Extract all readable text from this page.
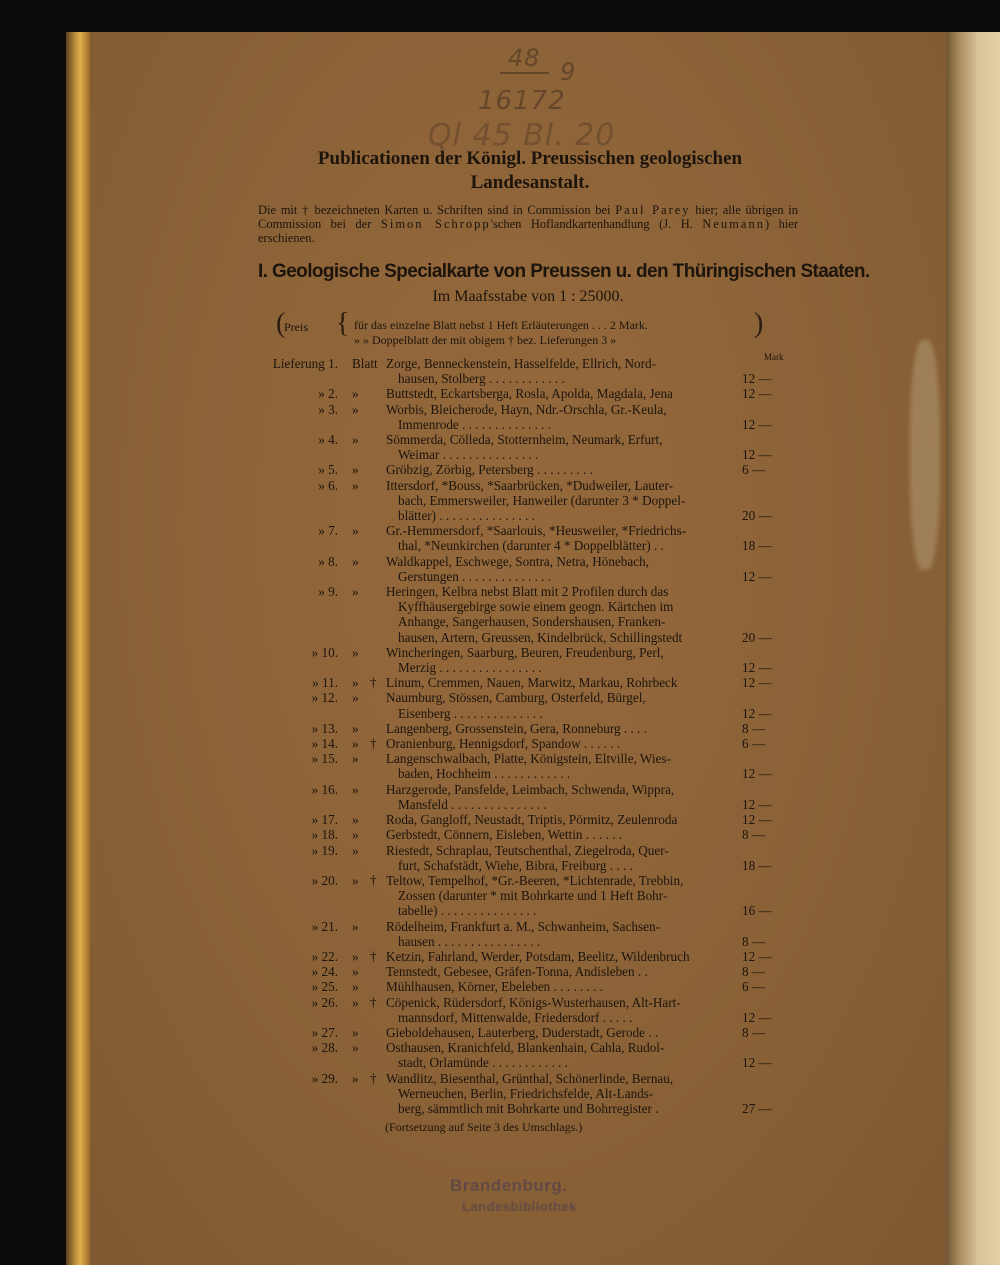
48 9
16172
Ql 45 Bl. 20
Publicationen der Königl. Preussischen geologischen
Landesanstalt.
Die mit † bezeichneten Karten u. Schriften sind in Commission bei Paul Parey hier; alle übrigen in Commission bei der Simon Schropp'schen Hoflandkartenhandlung (J. H. Neumann) hier erschienen.
I. Geologische Specialkarte von Preussen u. den Thüringischen Staaten.
Im Maafsstabe von 1 : 25000.
(
Preis { für das einzelne Blatt nebst 1 Heft Erläuterungen . . . 2 Mark.
» » Doppelblatt der mit obigem † bez. Lieferungen 3 »
)
Mark
Lieferung 1. Blatt Zorge, Benneckenstein, Hasselfelde, Ellrich, Nord-
hausen, Stolberg . . . . . . . . . . . .	12 —
» 2. »	Buttstedt, Eckartsberga, Rosla, Apolda, Magdala, Jena	12 —
» 3. »	Worbis, Bleicherode, Hayn, Ndr.-Orschla, Gr.-Keula,
Immenrode . . . . . . . . . . . . . .	12 —
» 4. »	Sömmerda, Cölleda, Stotternheim, Neumark, Erfurt,
Weimar . . . . . . . . . . . . . . .	12 —
» 5. »	Gröbzig, Zörbig, Petersberg . . . . . . . . .	6 —
» 6. »	Ittersdorf, *Bouss, *Saarbrücken, *Dudweiler, Lauter-
bach, Emmersweiler, Hanweiler (darunter 3 * Doppel-
blätter) . . . . . . . . . . . . . . .	20 —
» 7. »	Gr.-Hemmersdorf, *Saarlouis, *Heusweiler, *Friedrichs-
thal, *Neunkirchen (darunter 4 * Doppelblätter) . .	18 —
» 8. »	Waldkappel, Eschwege, Sontra, Netra, Hönebach,
Gerstungen . . . . . . . . . . . . . .	12 —
» 9. »	Heringen, Kelbra nebst Blatt mit 2 Profilen durch das
Kyffhäusergebirge sowie einem geogn. Kärtchen im
Anhange, Sangerhausen, Sondershausen, Franken-
hausen, Artern, Greussen, Kindelbrück, Schillingstedt	20 —
» 10. »	Wincheringen, Saarburg, Beuren, Freudenburg, Perl,
Merzig . . . . . . . . . . . . . . . .	12 —
» 11. » † Linum, Cremmen, Nauen, Marwitz, Markau, Rohrbeck	12 —
» 12. »	Naumburg, Stössen, Camburg, Osterfeld, Bürgel,
Eisenberg . . . . . . . . . . . . . .	12 —
» 13. »	Langenberg, Grossenstein, Gera, Ronneburg . . . .	8 —
» 14. » † Oranienburg, Hennigsdorf, Spandow . . . . . .	6 —
» 15. »	Langenschwalbach, Platte, Königstein, Eltville, Wies-
baden, Hochheim . . . . . . . . . . . .	12 —
» 16. »	Harzgerode, Pansfelde, Leimbach, Schwenda, Wippra,
Mansfeld . . . . . . . . . . . . . . .	12 —
» 17. »	Roda, Gangloff, Neustadt, Triptis, Pörmitz, Zeulenroda	12 —
» 18. »	Gerbstedt, Cönnern, Eisleben, Wettin . . . . . .	8 —
» 19. »	Riestedt, Schraplau, Teutschenthal, Ziegelroda, Quer-
furt, Schafstädt, Wiehe, Bibra, Freiburg . . . .	18 —
» 20. » † Teltow, Tempelhof, *Gr.-Beeren, *Lichtenrade, Trebbin,
Zossen (darunter * mit Bohrkarte und 1 Heft Bohr-
tabelle) . . . . . . . . . . . . . . .	16 —
» 21. »	Rödelheim, Frankfurt a. M., Schwanheim, Sachsen-
hausen . . . . . . . . . . . . . . . .	8 —
» 22. » † Ketzin, Fahrland, Werder, Potsdam, Beelitz, Wildenbruch	12 —
» 24. »	Tennstedt, Gebesee, Gräfen-Tonna, Andisleben . .	8 —
» 25. »	Mühlhausen, Körner, Ebeleben . . . . . . . .	6 —
» 26. » † Cöpenick, Rüdersdorf, Königs-Wusterhausen, Alt-Hart-
mannsdorf, Mittenwalde, Friedersdorf . . . . .	12 —
» 27. »	Gieboldehausen, Lauterberg, Duderstadt, Gerode . .	8 —
» 28. »	Osthausen, Kranichfeld, Blankenhain, Cahla, Rudol-
stadt, Orlamünde . . . . . . . . . . . .	12 —
» 29. » † Wandlitz, Biesenthal, Grünthal, Schönerlinde, Bernau,
Werneuchen, Berlin, Friedrichsfelde, Alt-Lands-
berg, sämmtlich mit Bohrkarte und Bohrregister .	27 —
(Fortsetzung auf Seite 3 des Umschlags.)
Brandenburg.
Landesbibliothek
